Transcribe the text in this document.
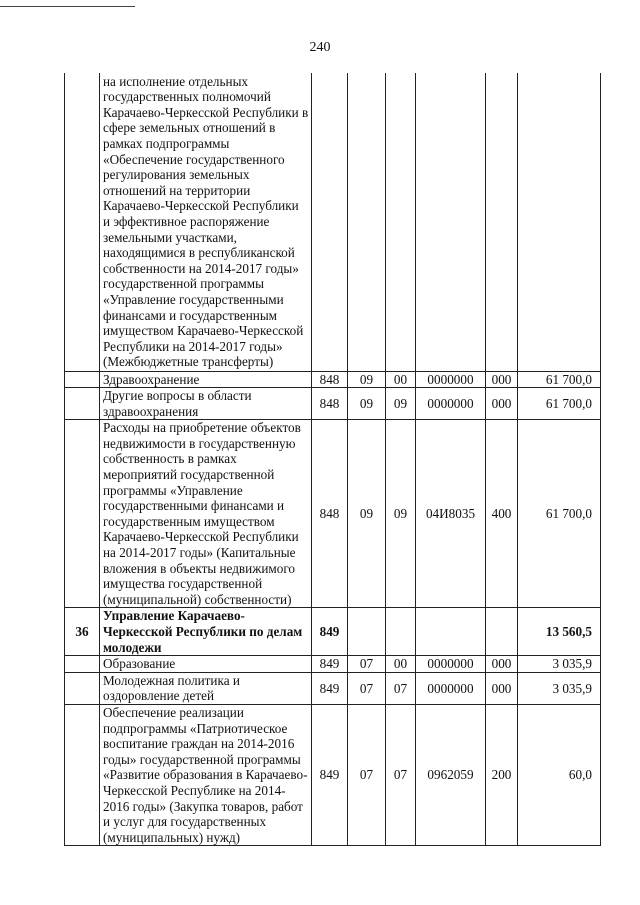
240
	на исполнение отдельных государственных полномочий Карачаево-Черкесской Республики в сфере земельных отношений в рамках подпрограммы «Обеспечение государственного регулирования земельных отношений на территории Карачаево-Черкесской Республики и эффективное распоряжение земельными участками, находящимися в республиканской собственности на 2014-2017 годы» государственной программы «Управление государственными финансами и государственным имуществом Карачаево-Черкесской Республики на 2014-2017 годы» (Межбюджетные трансферты)						
	Здравоохранение	848	09	00	0000000	000	61 700,0
	Другие вопросы в области здравоохранения	848	09	09	0000000	000	61 700,0
	Расходы на приобретение объектов недвижимости в государственную собственность в рамках мероприятий государственной программы «Управление государственными финансами и государственным имуществом Карачаево-Черкесской Республики на 2014-2017 годы» (Капитальные вложения в объекты недвижимого имущества государственной (муниципальной) собственности)	848	09	09	04И8035	400	61 700,0
36	Управление Карачаево-Черкесской Республики по делам молодежи	849					13 560,5
	Образование	849	07	00	0000000	000	3 035,9
	Молодежная политика и оздоровление детей	849	07	07	0000000	000	3 035,9
	Обеспечение реализации подпрограммы «Патриотическое воспитание граждан на 2014-2016 годы» государственной программы «Развитие образования в Карачаево-Черкесской Республике на 2014-2016 годы» (Закупка товаров, работ и услуг для государственных (муниципальных) нужд)	849	07	07	0962059	200	60,0
